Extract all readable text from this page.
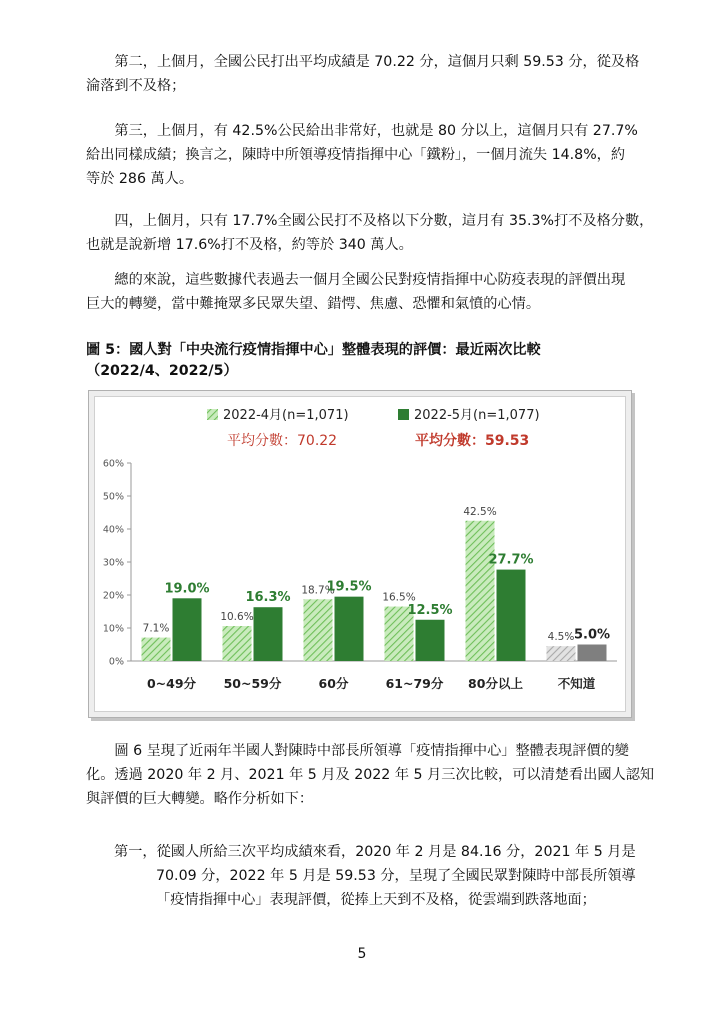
　　第二，上個月，全國公民打出平均成績是 70.22 分，這個月只剩 59.53 分，從及格
淪落到不及格；

　　第三，上個月，有 42.5%公民給出非常好，也就是 80 分以上，這個月只有 27.7%
給出同樣成績；換言之，陳時中所領導疫情指揮中心「鐵粉」，一個月流失 14.8%，約
等於 286 萬人。

　　四，上個月，只有 17.7%全國公民打不及格以下分數，這月有 35.3%打不及格分數，
也就是說新增 17.6%打不及格，約等於 340 萬人。

　　總的來說，這些數據代表過去一個月全國公民對疫情指揮中心防疫表現的評價出現
巨大的轉變，當中難掩眾多民眾失望、錯愕、焦慮、恐懼和氣憤的心情。

圖 5：國人對「中央流行疫情指揮中心」整體表現的評價：最近兩次比較

（2022/4、2022/5）

2022-4月(n=1,071)	2022-5月(n=1,077)
平均分數：70.22	平均分數：59.53
0%
10%
20%
30%
40%
50%
60%
7.1%
19.0%
10.6%
16.3% 18.7%
19.5%
16.5%
12.5%
42.5%
27.7%
4.5% 5.0%
0~49分 50~59分	60分	61~79分 80分以上	不知道

　　圖 6 呈現了近兩年半國人對陳時中部長所領導「疫情指揮中心」整體表現評價的變
化。透過 2020 年 2 月、2021 年 5 月及 2022 年 5 月三次比較，可以清楚看出國人認知
與評價的巨大轉變。略作分析如下：

第一，從國人所給三次平均成績來看，2020 年 2 月是 84.16 分，2021 年 5 月是
70.09 分，2022 年 5 月是 59.53 分，呈現了全國民眾對陳時中部長所領導
「疫情指揮中心」表現評價，從捧上天到不及格，從雲端到跌落地面；

5
